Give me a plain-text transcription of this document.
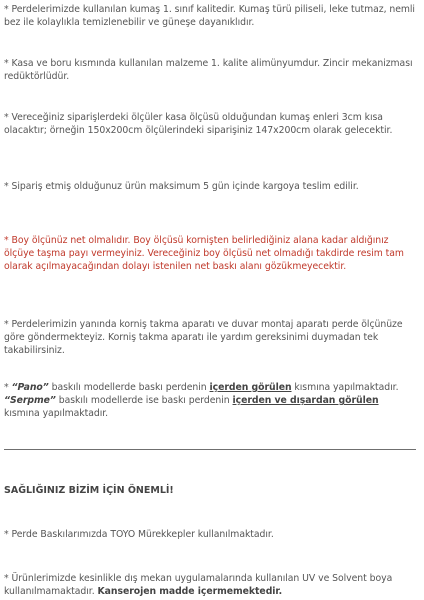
* Perdelerimizde kullanılan kumaş 1. sınıf kalitedir. Kumaş türü piliseli, leke tutmaz, nemli bez ile kolaylıkla temizlenebilir ve güneşe dayanıklıdır.

* Kasa ve boru kısmında kullanılan malzeme 1. kalite alimünyumdur. Zincir mekanizması redüktörlüdür.

* Vereceğiniz siparişlerdeki ölçüler kasa ölçüsü olduğundan kumaş enleri 3cm kısa olacaktır; örneğin 150x200cm ölçülerindeki siparişiniz 147x200cm olarak gelecektir.

* Sipariş etmiş olduğunuz ürün maksimum 5 gün içinde kargoya teslim edilir.

* Boy ölçünüz net olmalıdır. Boy ölçüsü kornişten belirlediğiniz alana kadar aldığınız ölçüye taşma payı vermeyiniz. Vereceğiniz boy ölçüsü net olmadığı takdirde resim tam olarak açılmayacağından dolayı istenilen net baskı alanı gözükmeyecektir.

* Perdelerimizin yanında korniş takma aparatı ve duvar montaj aparatı perde ölçünüze göre göndermekteyiz. Korniş takma aparatı ile yardım gereksinimi duymadan tek takabilirsiniz.

* “Pano” baskılı modellerde baskı perdenin içerden görülen kısmına yapılmaktadır. “Serpme” baskılı modellerde ise baskı perdenin içerden ve dışardan görülen kısmına yapılmaktadır.

SAĞLIĞINIZ BİZİM İÇİN ÖNEMLİ!

* Perde Baskılarımızda TOYO Mürekkepler kullanılmaktadır.

* Ürünlerimizde kesinlikle dış mekan uygulamalarında kullanılan UV ve Solvent boya kullanılmamaktadır. Kanserojen madde içermemektedir.
